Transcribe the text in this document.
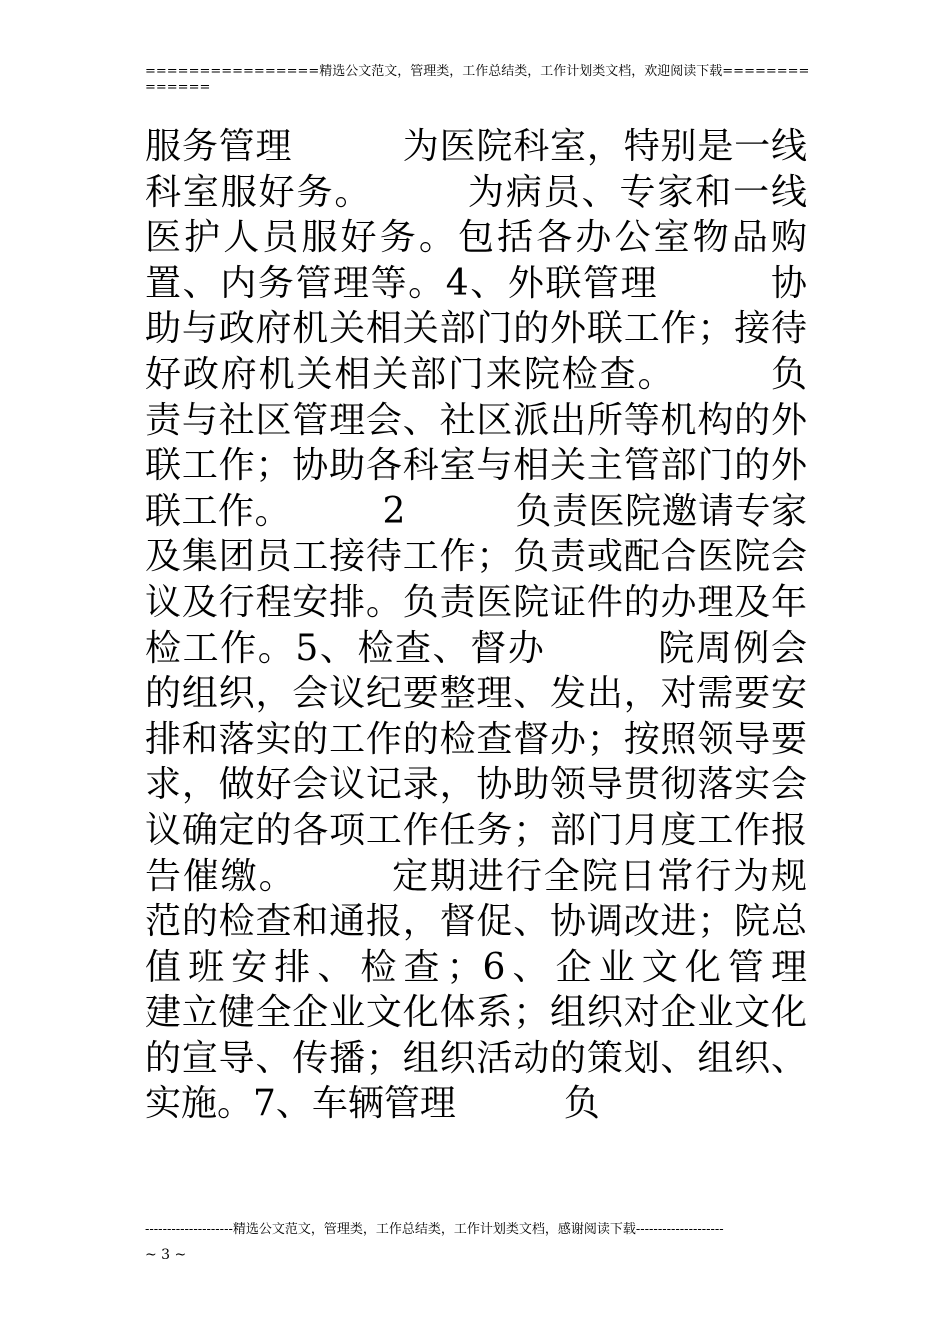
================精选公文范文，管理类，工作总结类，工作计划类文档，欢迎阅读下载==============

服务管理　　　为医院科室，特别是一线科室服好务。　　　为病员、专家和一线医护人员服好务。包括各办公室物品购置、内务管理等。4、外联管理　　　协助与政府机关相关部门的外联工作；接待好政府机关相关部门来院检查。　　　负责与社区管理会、社区派出所等机构的外联工作；协助各科室与相关主管部门的外联工作。　　　2　　　负责医院邀请专家及集团员工接待工作；负责或配合医院会议及行程安排。负责医院证件的办理及年检工作。5、检查、督办　　　院周例会的组织，会议纪要整理、发出，对需要安排和落实的工作的检查督办；按照领导要求，做好会议记录，协助领导贯彻落实会议确定的各项工作任务；部门月度工作报告催缴。　　　定期进行全院日常行为规范的检查和通报，督促、协调改进；院总值班安排、检查；6、企业文化管理　　　建立健全企业文化体系；组织对企业文化的宣导、传播；组织活动的策划、组织、实施。7、车辆管理　　　负

--------------------精选公文范文，管理类，工作总结类，工作计划类文档，感谢阅读下载--------------------
~ 3 ~
